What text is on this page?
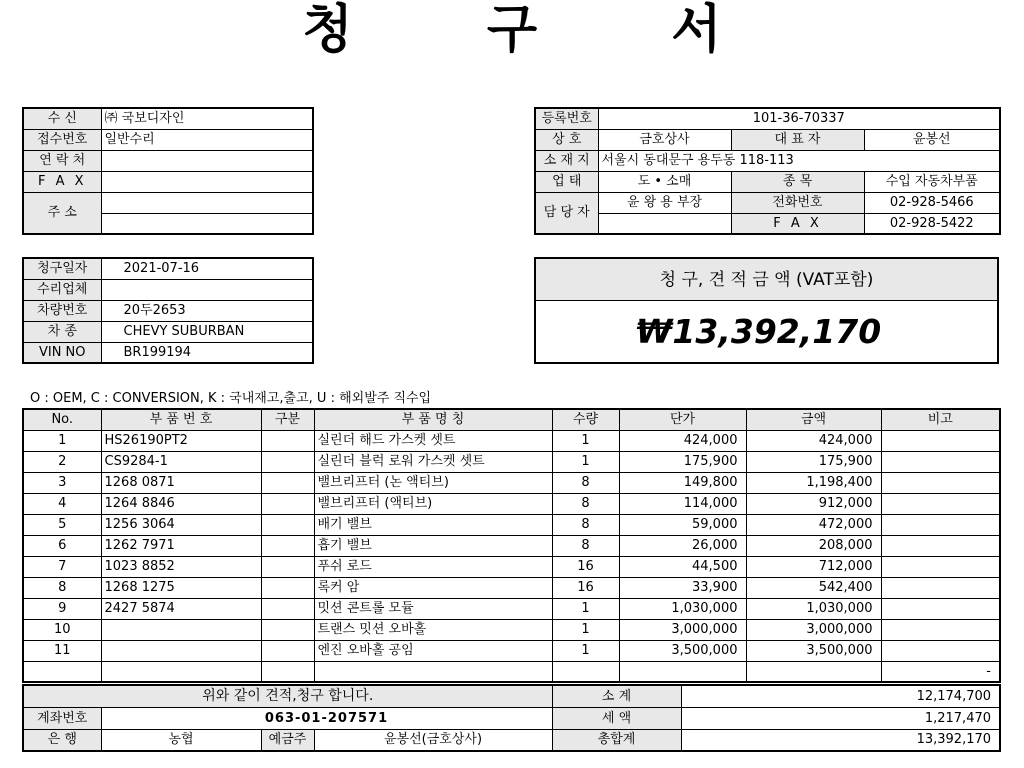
청 구 서
수 신	㈜ 국보디자인
접수번호	일반수리
연 락 처	
F A X	
주 소	

등록번호	101-36-70337		
상 호	금호상사	대 표 자	윤봉선
소 재 지	서울시 동대문구 용두동 118-113		
업 태	도 • 소매	종 목	수입 자동차부품
담 당 자	윤 왕 용 부장	전화번호	02-928-5466
		F A X	02-928-5422
청구일자	2021-07-16
수리업체	
차량번호	20두2653
차 종	CHEVY SUBURBAN
VIN NO	BR199194
청 구, 견 적 금 액 (VAT포함)
₩13,392,170
O : OEM, C : CONVERSION, K : 국내재고,출고, U : 해외발주 직수입
No.	부 품 번 호	구분	부 품 명 칭	수량	단가	금액	비고
1	HS26190PT2		실린더 해드 가스켓 셋트	1	424,000	424,000	
2	CS9284-1		실린더 블럭 로워 가스켓 셋트	1	175,900	175,900	
3	1268 0871		밸브리프터 (논 액티브)	8	149,800	1,198,400	
4	1264 8846		밸브리프터 (액티브)	8	114,000	912,000	
5	1256 3064		배기 밸브	8	59,000	472,000	
6	1262 7971		흡기 밸브	8	26,000	208,000	
7	1023 8852		푸쉬 로드	16	44,500	712,000	
8	1268 1275		록커 암	16	33,900	542,400	
9	2427 5874		밋션 콘트롤 모듈	1	1,030,000	1,030,000	
10			트랜스 밋션 오바홀	1	3,000,000	3,000,000	
11			엔진 오바홀 공임	1	3,500,000	3,500,000	
							-
위와 같이 견적,청구 합니다.				소 계	12,174,700
계좌번호	063-01-207571			세 액	1,217,470
은 행	농협	예금주	윤봉선(금호상사)	총합계	13,392,170
